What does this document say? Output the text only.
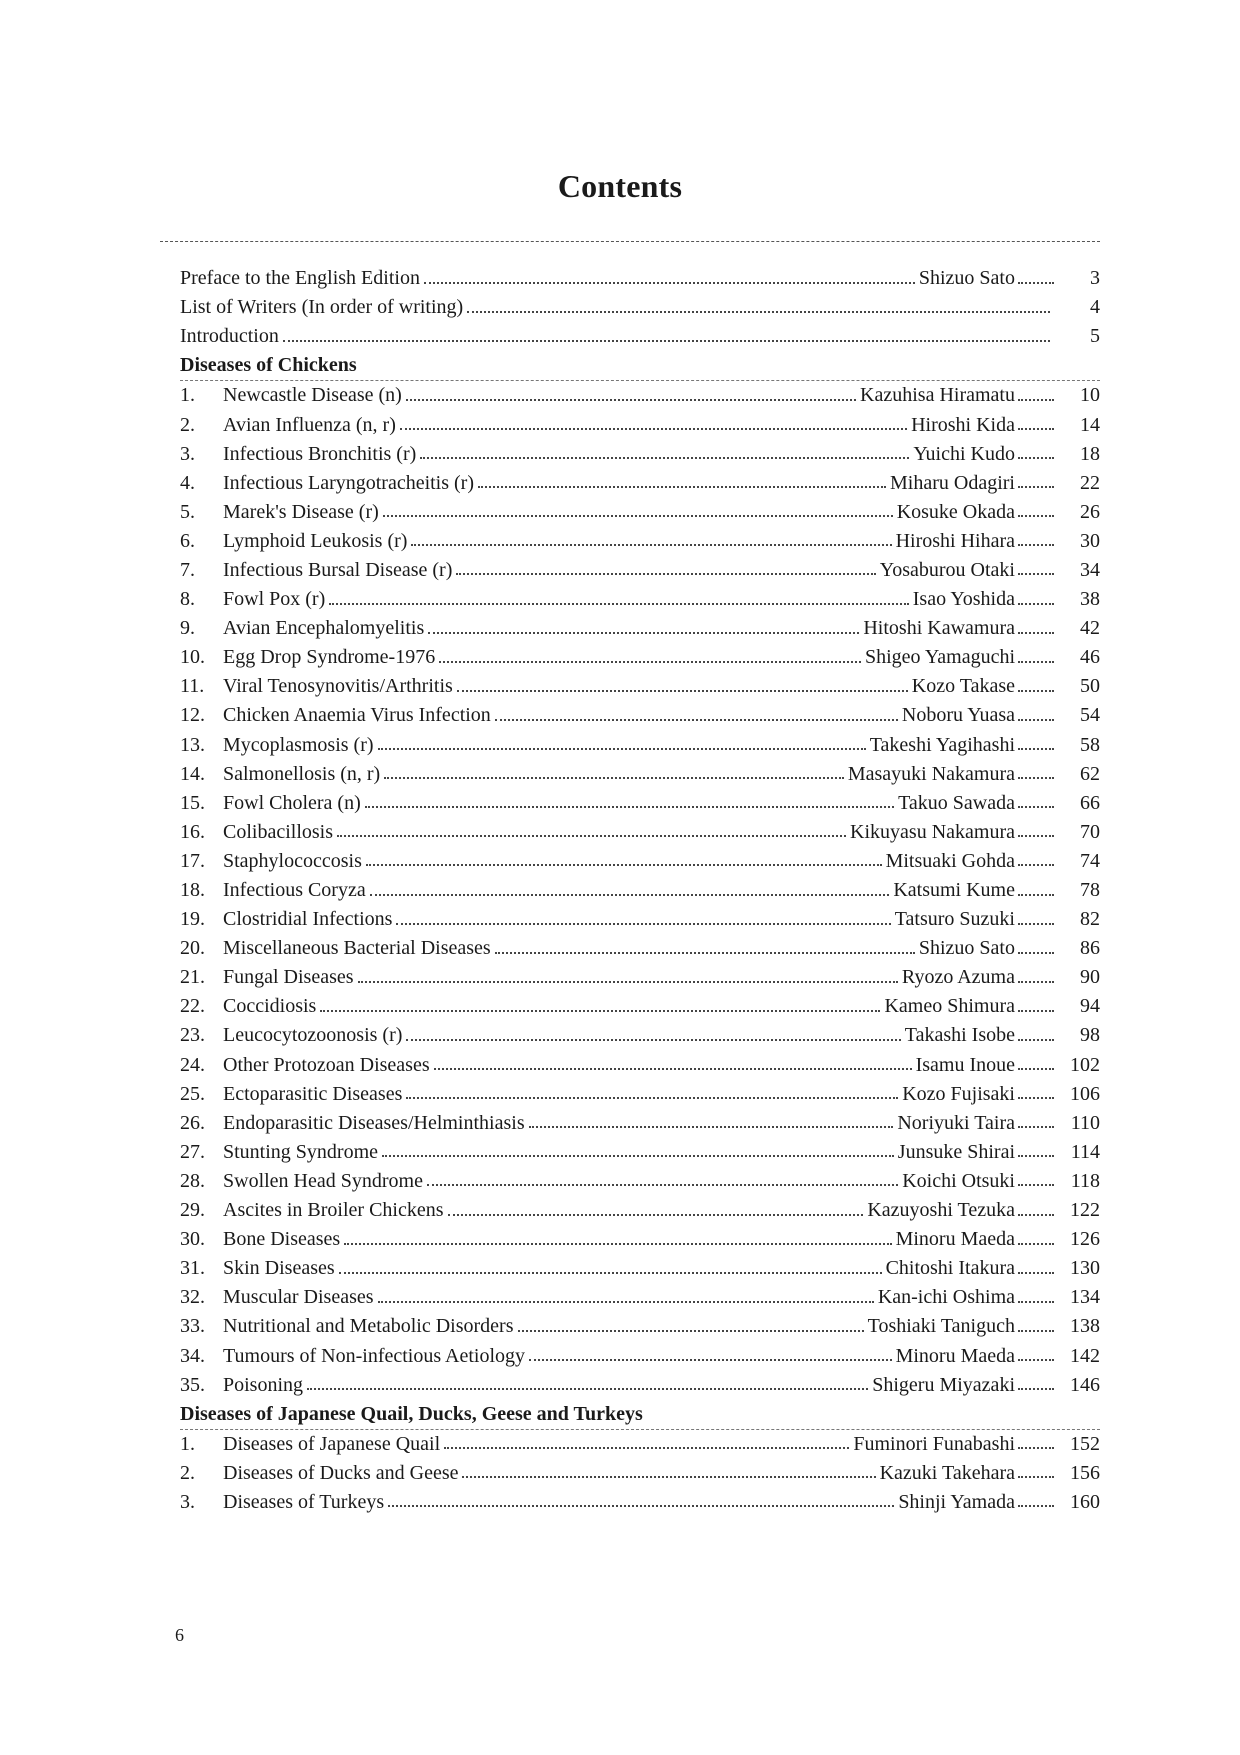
Contents
Preface to the English Edition	Shizuo Sato	3
List of Writers (In order of writing)	4
Introduction	5
Diseases of Chickens
1.	Newcastle Disease (n)	Kazuhisa Hiramatu	10
2.	Avian Influenza (n, r)	Hiroshi Kida	14
3.	Infectious Bronchitis (r)	Yuichi Kudo	18
4.	Infectious Laryngotracheitis (r)	Miharu Odagiri	22
5.	Marek's Disease (r)	Kosuke Okada	26
6.	Lymphoid Leukosis (r)	Hiroshi Hihara	30
7.	Infectious Bursal Disease (r)	Yosaburou Otaki	34
8.	Fowl Pox (r)	Isao Yoshida	38
9.	Avian Encephalomyelitis	Hitoshi Kawamura	42
10. Egg Drop Syndrome-1976	Shigeo Yamaguchi	46
11. Viral Tenosynovitis/Arthritis	Kozo Takase	50
12. Chicken Anaemia Virus Infection	Noboru Yuasa	54
13. Mycoplasmosis (r)	Takeshi Yagihashi	58
14. Salmonellosis (n, r)	Masayuki Nakamura	62
15. Fowl Cholera (n)	Takuo Sawada	66
16. Colibacillosis	Kikuyasu Nakamura	70
17. Staphylococcosis	Mitsuaki Gohda	74
18. Infectious Coryza	Katsumi Kume	78
19. Clostridial Infections	Tatsuro Suzuki	82
20. Miscellaneous Bacterial Diseases	Shizuo Sato	86
21. Fungal Diseases	Ryozo Azuma	90
22. Coccidiosis	Kameo Shimura	94
23. Leucocytozoonosis (r)	Takashi Isobe	98
24. Other Protozoan Diseases	Isamu Inoue	102
25. Ectoparasitic Diseases	Kozo Fujisaki	106
26. Endoparasitic Diseases/Helminthiasis	Noriyuki Taira	110
27. Stunting Syndrome	Junsuke Shirai	114
28. Swollen Head Syndrome	Koichi Otsuki	118
29. Ascites in Broiler Chickens	Kazuyoshi Tezuka	122
30. Bone Diseases	Minoru Maeda	126
31. Skin Diseases	Chitoshi Itakura	130
32. Muscular Diseases	Kan-ichi Oshima	134
33. Nutritional and Metabolic Disorders	Toshiaki Taniguch	138
34. Tumours of Non-infectious Aetiology	Minoru Maeda	142
35. Poisoning	Shigeru Miyazaki	146
Diseases of Japanese Quail, Ducks, Geese and Turkeys
1.	Diseases of Japanese Quail	Fuminori Funabashi	152
2.	Diseases of Ducks and Geese	Kazuki Takehara	156
3.	Diseases of Turkeys	Shinji Yamada	160
6
